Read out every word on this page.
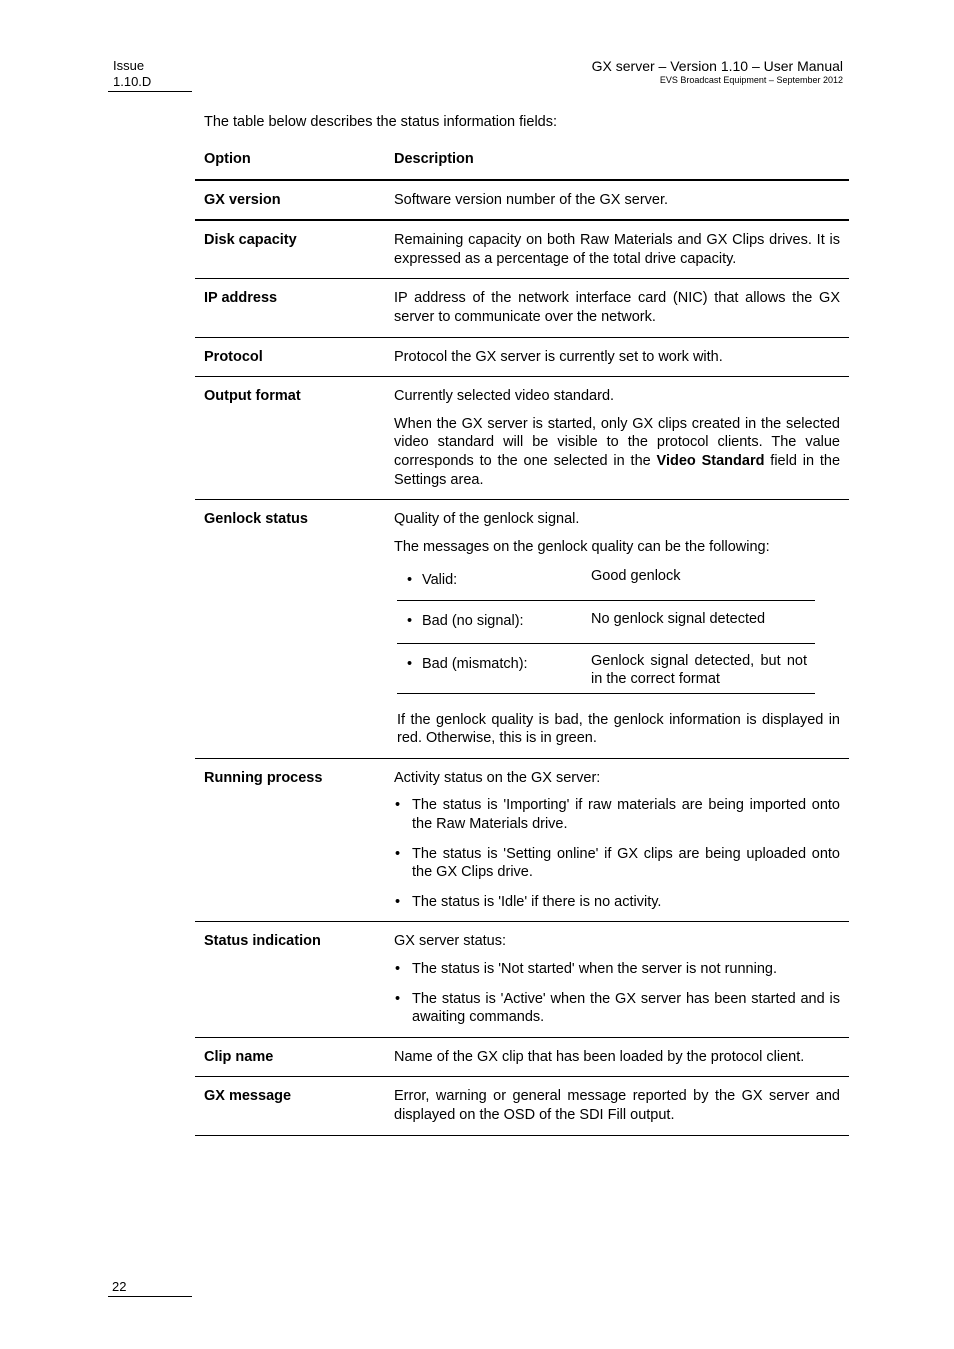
Issue
1.10.D
GX server – Version 1.10 – User Manual
EVS Broadcast Equipment – September 2012
The table below describes the status information fields:
Option	Description
GX version	Software version number of the GX server.
Disk capacity	Remaining capacity on both Raw Materials and GX Clips drives. It is expressed as a percentage of the total drive capacity.
IP address	IP address of the network interface card (NIC) that allows the GX server to communicate over the network.
Protocol	Protocol the GX server is currently set to work with.
Output format	Currently selected video standard.
When the GX server is started, only GX clips created in the selected video standard will be visible to the protocol clients. The value corresponds to the one selected in the Video Standard field in the Settings area.

Genlock status	Quality of the genlock signal.
The messages on the genlock quality can be the following:
• Valid:	Good genlock
• Bad (no signal):	No genlock signal detected
• Bad (mismatch):	Genlock signal detected, but not in the correct format
If the genlock quality is bad, the genlock information is displayed in red. Otherwise, this is in green.

Running process	Activity status on the GX server:
• The status is 'Importing' if raw materials are being imported onto the Raw Materials drive.
• The status is 'Setting online' if GX clips are being uploaded onto the GX Clips drive.
• The status is 'Idle' if there is no activity.

Status indication	GX server status:
• The status is 'Not started' when the server is not running.
• The status is 'Active' when the GX server has been started and is awaiting commands.

Clip name	Name of the GX clip that has been loaded by the protocol client.
GX message	Error, warning or general message reported by the GX server and displayed on the OSD of the SDI Fill output.
22
